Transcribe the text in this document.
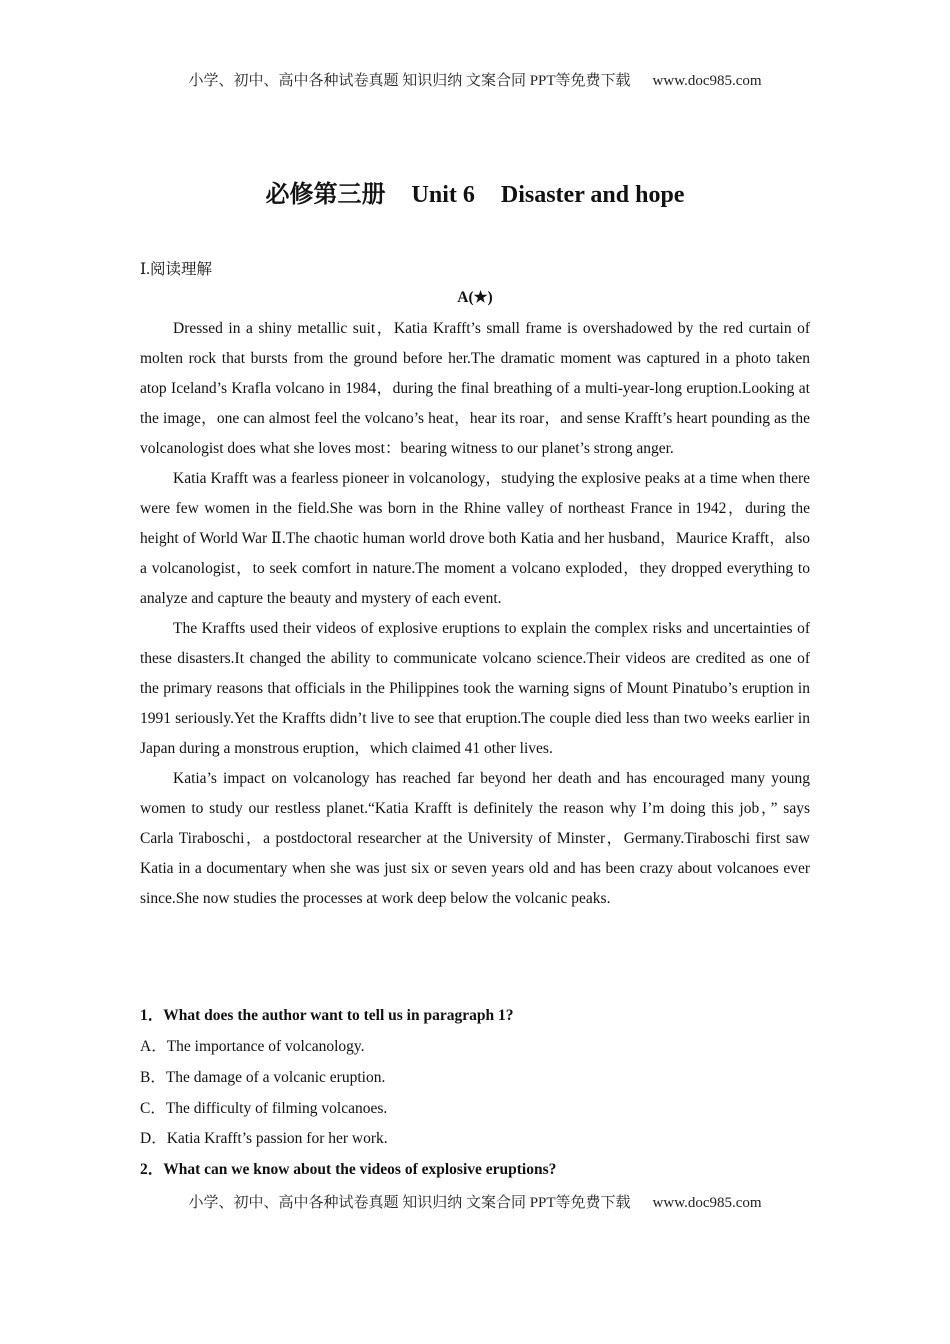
小学、初中、高中各种试卷真题 知识归纳 文案合同 PPT等免费下载 www.doc985.com
必修第三册 Unit 6 Disaster and hope
Ⅰ.阅读理解
A(★)

Dressed in a shiny metallic suit，Katia Krafft’s small frame is overshadowed by the red curtain of molten rock that bursts from the ground before her.The dramatic moment was captured in a photo taken atop Iceland’s Krafla volcano in 1984，during the final breathing of a multi-year-long eruption.Looking at the image，one can almost feel the volcano’s heat，hear its roar，and sense Krafft’s heart pounding as the volcanologist does what she loves most：bearing witness to our planet’s strong anger.

Katia Krafft was a fearless pioneer in volcanology，studying the explosive peaks at a time when there were few women in the field.She was born in the Rhine valley of northeast France in 1942，during the height of World War Ⅱ.The chaotic human world drove both Katia and her husband，Maurice Krafft，also a volcanologist，to seek comfort in nature.The moment a volcano exploded，they dropped everything to analyze and capture the beauty and mystery of each event.

The Kraffts used their videos of explosive eruptions to explain the complex risks and uncertainties of these disasters.It changed the ability to communicate volcano science.Their videos are credited as one of the primary reasons that officials in the Philippines took the warning signs of Mount Pinatubo’s eruption in 1991 seriously.Yet the Kraffts didn’t live to see that eruption.The couple died less than two weeks earlier in Japan during a monstrous eruption，which claimed 41 other lives.

Katia’s impact on volcanology has reached far beyond her death and has encouraged many young women to study our restless planet.“Katia Krafft is definitely the reason why I’m doing this job，” says Carla Tiraboschi，a postdoctoral researcher at the University of Minster，Germany.Tiraboschi first saw Katia in a documentary when she was just six or seven years old and has been crazy about volcanoes ever since.She now studies the processes at work deep below the volcanic peaks.

1．What does the author want to tell us in paragraph 1?
A．The importance of volcanology.
B．The damage of a volcanic eruption.
C．The difficulty of filming volcanoes.
D．Katia Krafft’s passion for her work.
2．What can we know about the videos of explosive eruptions?
小学、初中、高中各种试卷真题 知识归纳 文案合同 PPT等免费下载 www.doc985.com
